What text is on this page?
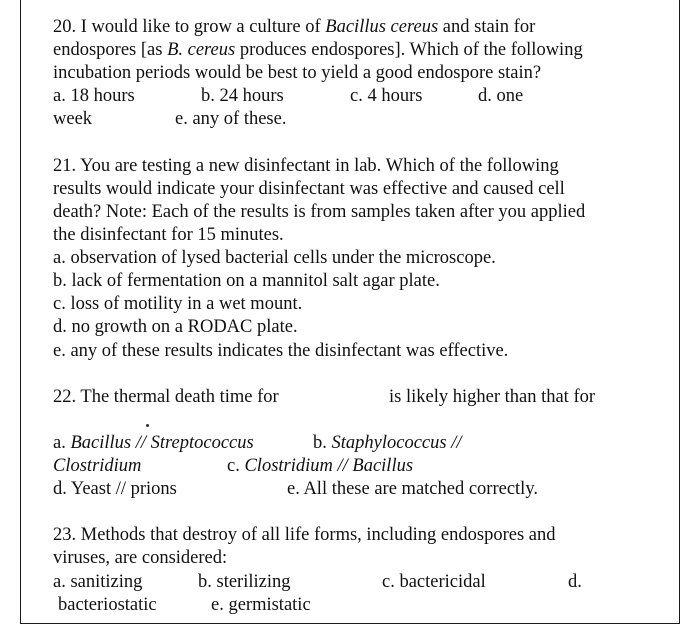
20. I would like to grow a culture of Bacillus cereus and stain for
endospores [as B. cereus produces endospores]. Which of the following
incubation periods would be best to yield a good endospore stain?
a. 18 hours	b. 24 hours	c. 4 hours	d. one
week	e. any of these.
21. You are testing a new disinfectant in lab. Which of the following
results would indicate your disinfectant was effective and caused cell
death? Note: Each of the results is from samples taken after you applied
the disinfectant for 15 minutes.
a. observation of lysed bacterial cells under the microscope.
b. lack of fermentation on a mannitol salt agar plate.
c. loss of motility in a wet mount.
d. no growth on a RODAC plate.
e. any of these results indicates the disinfectant was effective.
22. The thermal death time for	is likely higher than that for
a. Bacillus // Streptococcus	b. Staphylococcus //
Clostridium	c. Clostridium // Bacillus
d. Yeast // prions	e. All these are matched correctly.
23. Methods that destroy of all life forms, including endospores and
viruses, are considered:
a. sanitizing	b. sterilizing	c. bactericidal	d.
bacteriostatic	e. germistatic
